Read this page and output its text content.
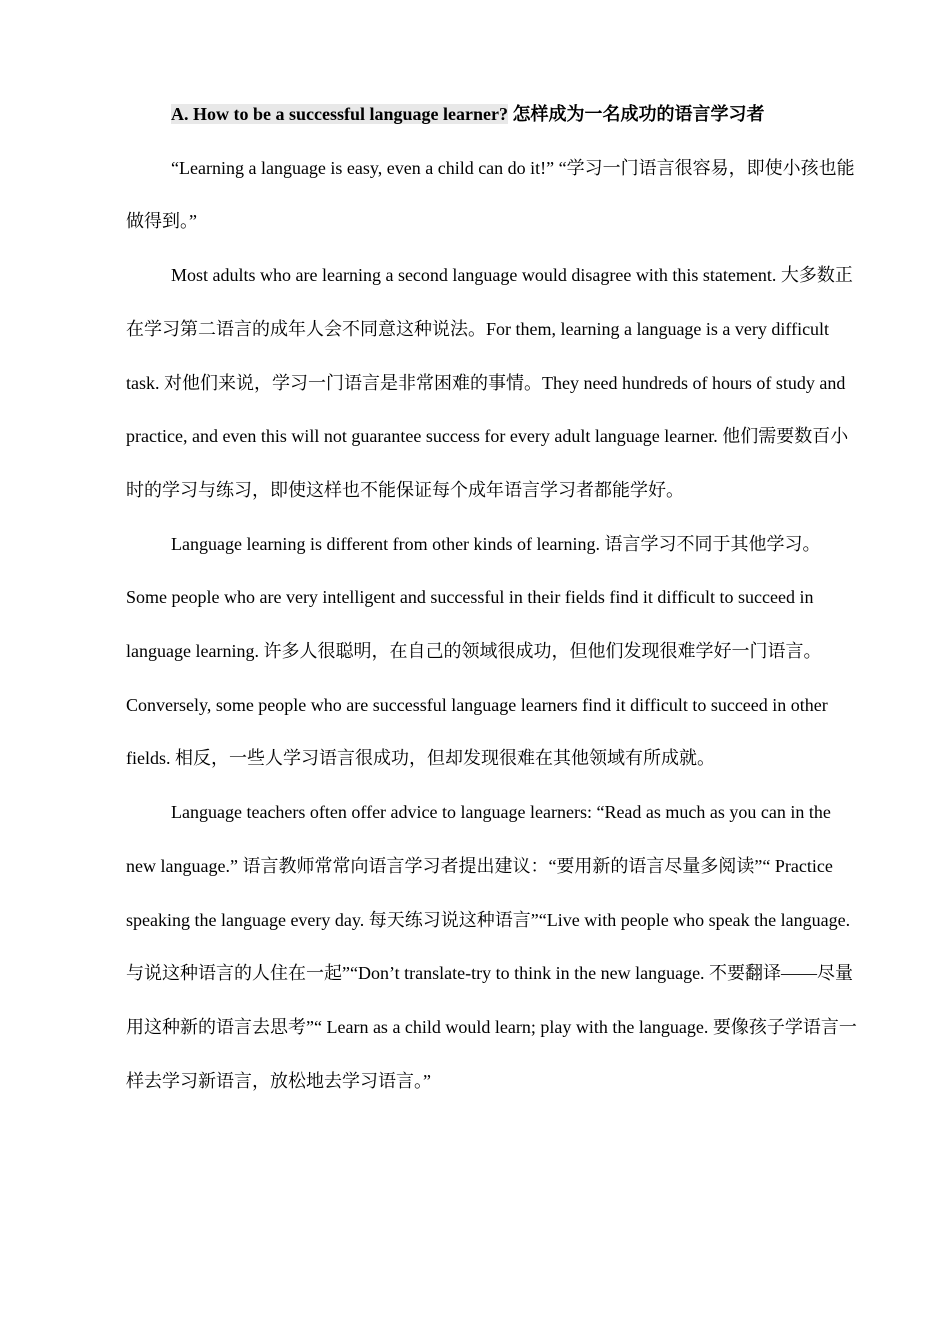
A. How to be a successful language learner? 怎样成为一名成功的语言学习者

“Learning a language is easy, even a child can do it!” “学习一门语言很容易，即使小孩也能做得到。”

Most adults who are learning a second language would disagree with this statement. 大多数正在学习第二语言的成年人会不同意这种说法。For them, learning a language is a very difficult task. 对他们来说，学习一门语言是非常困难的事情。They need hundreds of hours of study and practice, and even this will not guarantee success for every adult language learner. 他们需要数百小时的学习与练习，即使这样也不能保证每个成年语言学习者都能学好。

Language learning is different from other kinds of learning. 语言学习不同于其他学习。Some people who are very intelligent and successful in their fields find it difficult to succeed in language learning. 许多人很聪明，在自己的领域很成功，但他们发现很难学好一门语言。Conversely, some people who are successful language learners find it difficult to succeed in other fields. 相反，一些人学习语言很成功，但却发现很难在其他领域有所成就。

Language teachers often offer advice to language learners: “Read as much as you can in the new language.” 语言教师常常向语言学习者提出建议：“要用新的语言尽量多阅读”“ Practice speaking the language every day. 每天练习说这种语言”“Live with people who speak the language. 与说这种语言的人住在一起”“Don’t translate-try to think in the new language. 不要翻译——尽量用这种新的语言去思考”“ Learn as a child would learn; play with the language. 要像孩子学语言一样去学习新语言，放松地去学习语言。”
